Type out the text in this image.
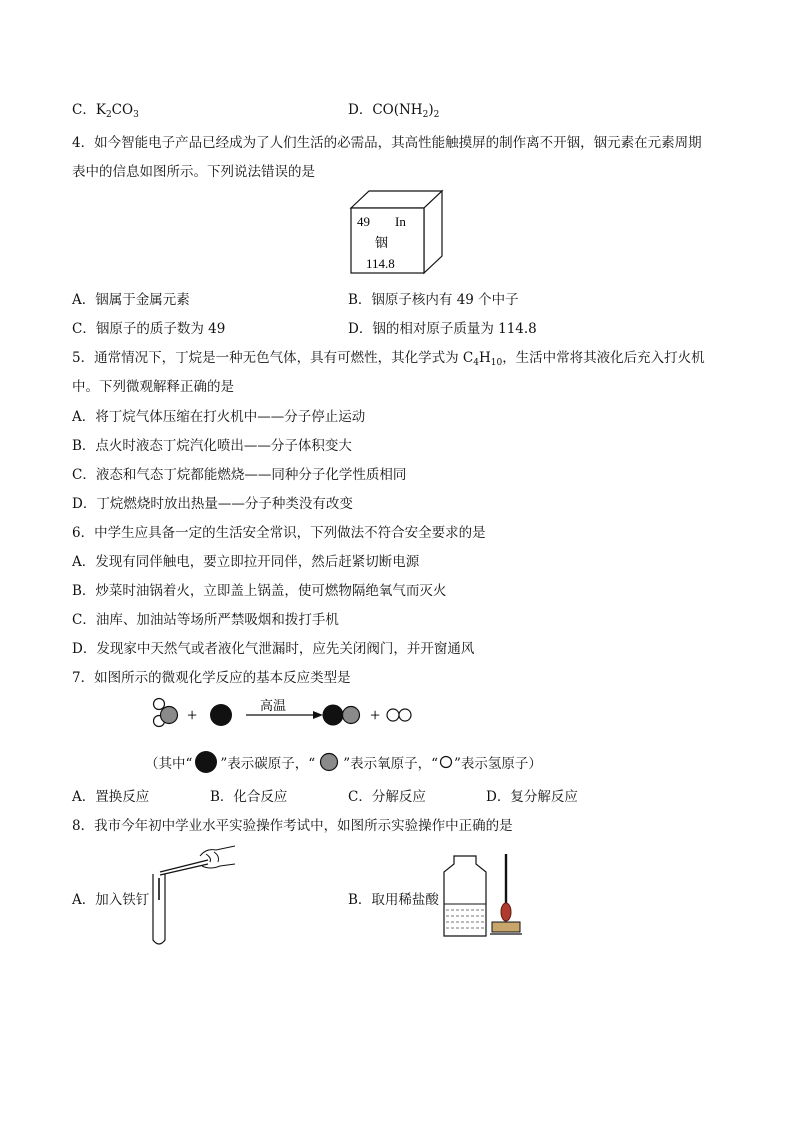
C．$K_2CO_3$	D．$CO(NH_2)_2$
4．如今智能电子产品已经成为了人们生活的必需品，其高性能触摸屏的制作离不开铟，铟元素在元素周期
表中的信息如图所示。下列说法错误的是
49 In
铟
114.8
A．铟属于金属元素	B．铟原子核内有 49 个中子
C．铟原子的质子数为 49	D．铟的相对原子质量为 114.8
5．通常情况下，丁烷是一种无色气体，具有可燃性，其化学式为 $C_4H_{10}$，生活中常将其液化后充入打火机
中。下列微观解释正确的是
A．将丁烷气体压缩在打火机中——分子停止运动
B．点火时液态丁烷汽化喷出——分子体积变大
C．液态和气态丁烷都能燃烧——同种分子化学性质相同
D．丁烷燃烧时放出热量——分子种类没有改变
6．中学生应具备一定的生活安全常识，下列做法不符合安全要求的是
A．发现有同伴触电，要立即拉开同伴，然后赶紧切断电源
B．炒菜时油锅着火，立即盖上锅盖，使可燃物隔绝氧气而灭火
C．油库、加油站等场所严禁吸烟和拨打手机
D．发现家中天然气或者液化气泄漏时，应先关闭阀门，并开窗通风
7．如图所示的微观化学反应的基本反应类型是
+	高温	+
（其中“ ”表示碳原子，“ ”表示氧原子，“ ”表示氢原子）
A．置换反应	B．化合反应	C．分解反应	D．复分解反应
8．我市今年初中学业水平实验操作考试中，如图所示实验操作中正确的是
A．加入铁钉	B．取用稀盐酸
